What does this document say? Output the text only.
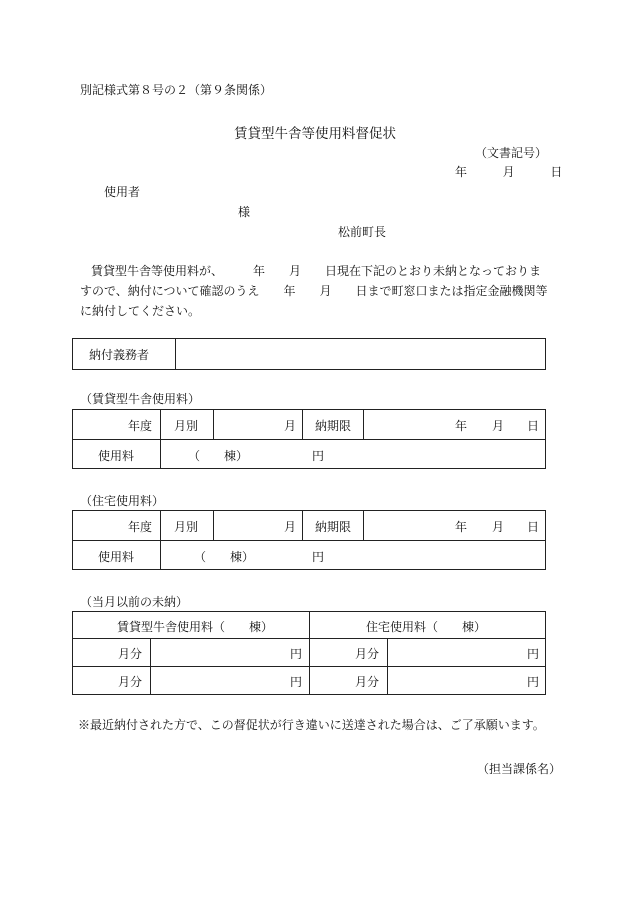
別記様式第８号の２（第９条関係）
賃貸型牛舎等使用料督促状
（文書記号）
年	月	日
使用者
様
松前町長
賃貸型牛舎等使用料が、　　　年　　月　　日現在下記のとおり未納となっておりま
すので、納付について確認のうえ　　年　　月　　日まで町窓口または指定金融機関等
に納付してください。
納付義務者
（賃貸型牛舎使用料）
年度 月別	月 納期限	年 月 日
使用料	（　　棟）	円
（住宅使用料）
年度 月別	月 納期限	年 月 日
使用料	（　　棟）	円
（当月以前の未納）
賃貸型牛舎使用料（　　棟）	住宅使用料（　　棟）
月分	円	月分	円
月分	円	月分	円
※最近納付された方で、この督促状が行き違いに送達された場合は、ご了承願います。
（担当課係名）
